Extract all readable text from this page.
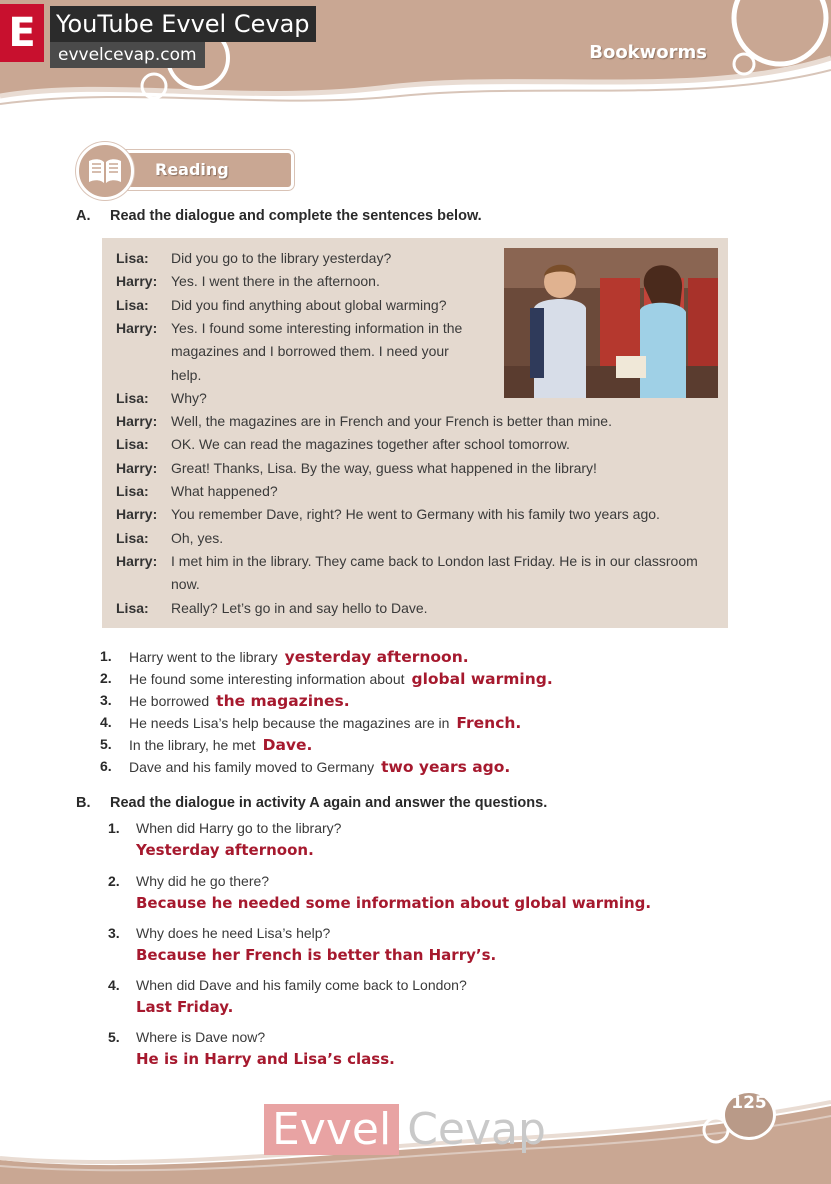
E YouTube Evvel Cevap
evvelcevap.com	Bookworms
Reading
A. Read the dialogue and complete the sentences below.
Lisa: Did you go to the library yesterday?
Harry: Yes. I went there in the afternoon.
Lisa: Did you find anything about global warming?
Harry: Yes. I found some interesting information in the
magazines and I borrowed them. I need your
help.
Lisa: Why?
Harry: Well, the magazines are in French and your French is better than mine.
Lisa: OK. We can read the magazines together after school tomorrow.
Harry: Great! Thanks, Lisa. By the way, guess what happened in the library!
Lisa: What happened?
Harry: You remember Dave, right? He went to Germany with his family two years ago.
Lisa: Oh, yes.
Harry: I met him in the library. They came back to London last Friday. He is in our classroom
now.
Lisa: Really? Let’s go in and say hello to Dave.
B. Read the dialogue in activity A again and answer the questions.
125
Evvel Cevap
1. Harry went to the library yesterday afternoon.
2. He found some interesting information about global warming.
3. He borrowed the magazines.
4. He needs Lisa’s help because the magazines are in French.
5. In the library, he met Dave.
6. Dave and his family moved to Germany two years ago.
1. When did Harry go to the library?
Yesterday afternoon.
2. Why did he go there?
Because he needed some information about global warming.
3. Why does he need Lisa’s help?
Because her French is better than Harry’s.
4. When did Dave and his family come back to London?
Last Friday.
5. Where is Dave now?
He is in Harry and Lisa’s class.
